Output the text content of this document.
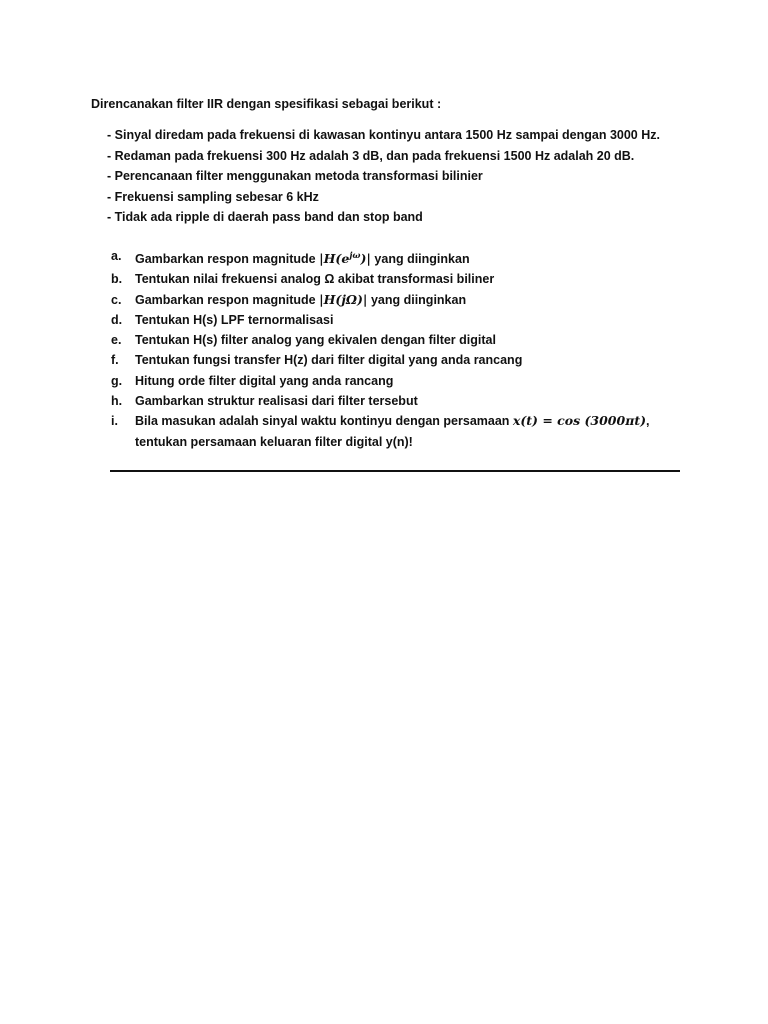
Direncanakan filter IIR dengan spesifikasi sebagai berikut :
- Sinyal diredam pada frekuensi di kawasan kontinyu antara 1500 Hz sampai dengan 3000 Hz.
- Redaman pada frekuensi 300 Hz adalah 3 dB, dan pada frekuensi 1500 Hz adalah 20 dB.
- Perencanaan filter menggunakan metoda transformasi bilinier
- Frekuensi sampling sebesar 6 kHz
- Tidak ada ripple di daerah pass band dan stop band
a.	Gambarkan respon magnitude $|H(e^{j\omega})|$ yang diinginkan
b.	Tentukan nilai frekuensi analog Ω akibat transformasi biliner
c.	Gambarkan respon magnitude |H(jΩ)| yang diinginkan
d.	Tentukan H(s) LPF ternormalisasi
e.	Tentukan H(s) filter analog yang ekivalen dengan filter digital
f.	Tentukan fungsi transfer H(z) dari filter digital yang anda rancang
g.	Hitung orde filter digital yang anda rancang
h.	Gambarkan struktur realisasi dari filter tersebut
i.	Bila masukan adalah sinyal waktu kontinyu dengan persamaan x(t) = cos (3000πt),
tentukan persamaan keluaran filter digital y(n)!
